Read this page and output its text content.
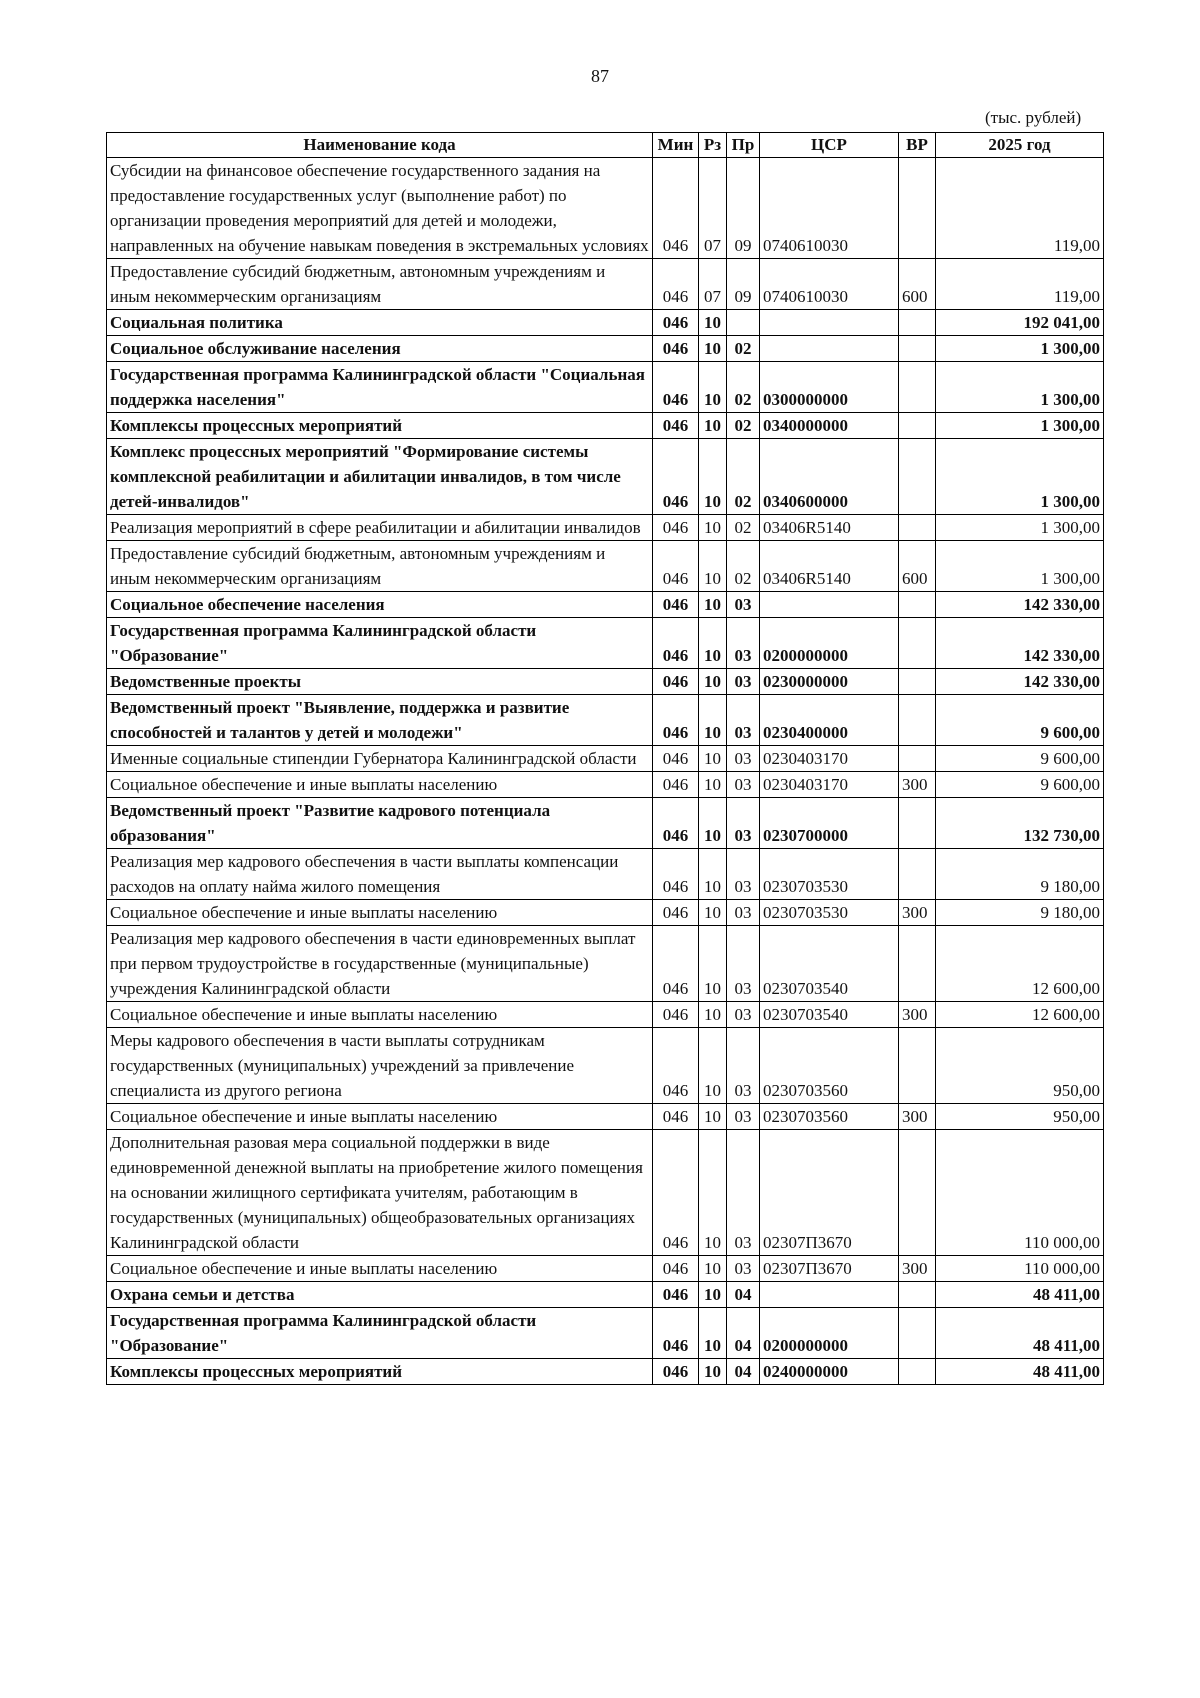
87
(тыс. рублей)
Наименование кода	Мин	Рз	Пр	ЦСР	ВР	2025 год
Субсидии на финансовое обеспечение государственного задания на предоставление государственных услуг (выполнение работ) по организации проведения мероприятий для детей и молодежи, направленных на обучение навыкам поведения в экстремальных условиях	046	07	09	0740610030		119,00
Предоставление субсидий бюджетным, автономным учреждениям и иным некоммерческим организациям	046	07	09	0740610030	600	119,00
Социальная политика	046	10				192 041,00
Социальное обслуживание населения	046	10	02			1 300,00
Государственная программа Калининградской области "Социальная поддержка населения"	046	10	02	0300000000		1 300,00
Комплексы процессных мероприятий	046	10	02	0340000000		1 300,00
Комплекс процессных мероприятий "Формирование системы комплексной реабилитации и абилитации инвалидов, в том числе детей-инвалидов"	046	10	02	0340600000		1 300,00
Реализация мероприятий в сфере реабилитации и абилитации инвалидов	046	10	02	03406R5140		1 300,00
Предоставление субсидий бюджетным, автономным учреждениям и иным некоммерческим организациям	046	10	02	03406R5140	600	1 300,00
Социальное обеспечение населения	046	10	03			142 330,00
Государственная программа Калининградской области "Образование"	046	10	03	0200000000		142 330,00
Ведомственные проекты	046	10	03	0230000000		142 330,00
Ведомственный проект "Выявление, поддержка и развитие способностей и талантов у детей и молодежи"	046	10	03	0230400000		9 600,00
Именные социальные стипендии Губернатора Калининградской области	046	10	03	0230403170		9 600,00
Социальное обеспечение и иные выплаты населению	046	10	03	0230403170	300	9 600,00
Ведомственный проект "Развитие кадрового потенциала образования"	046	10	03	0230700000		132 730,00
Реализация мер кадрового обеспечения в части выплаты компенсации расходов на оплату найма жилого помещения	046	10	03	0230703530		9 180,00
Социальное обеспечение и иные выплаты населению	046	10	03	0230703530	300	9 180,00
Реализация мер кадрового обеспечения в части единовременных выплат при первом трудоустройстве в государственные (муниципальные) учреждения Калининградской области	046	10	03	0230703540		12 600,00
Социальное обеспечение и иные выплаты населению	046	10	03	0230703540	300	12 600,00
Меры кадрового обеспечения в части выплаты сотрудникам государственных (муниципальных) учреждений за привлечение специалиста из другого региона	046	10	03	0230703560		950,00
Социальное обеспечение и иные выплаты населению	046	10	03	0230703560	300	950,00
Дополнительная разовая мера социальной поддержки в виде единовременной денежной выплаты на приобретение жилого помещения на основании жилищного сертификата учителям, работающим в государственных (муниципальных) общеобразовательных организациях Калининградской области	046	10	03	02307П3670		110 000,00
Социальное обеспечение и иные выплаты населению	046	10	03	02307П3670	300	110 000,00
Охрана семьи и детства	046	10	04			48 411,00
Государственная программа Калининградской области "Образование"	046	10	04	0200000000		48 411,00
Комплексы процессных мероприятий	046	10	04	0240000000		48 411,00
